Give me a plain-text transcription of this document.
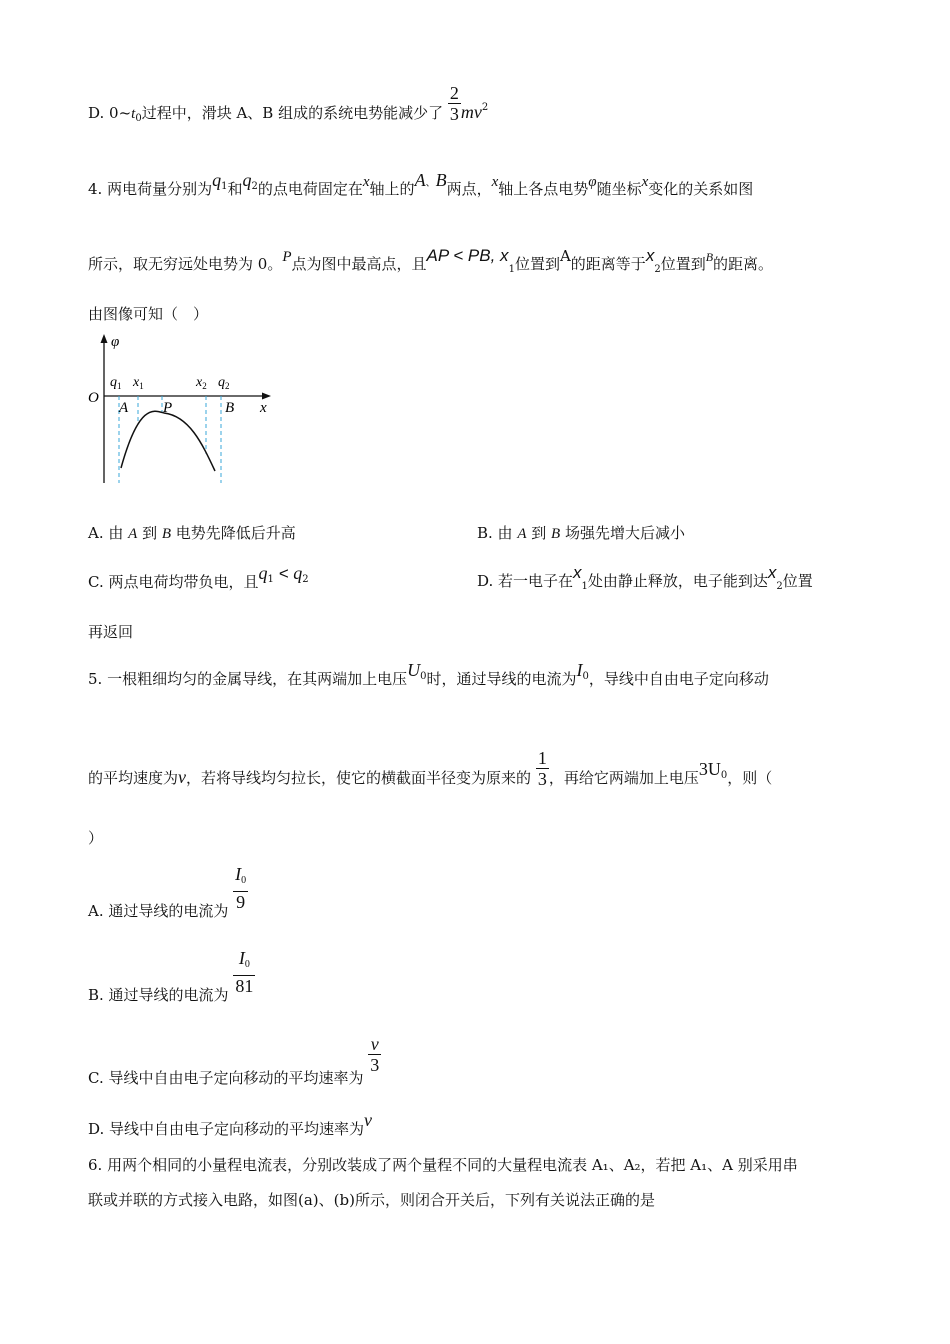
D. $0\sim t_0$过程中，滑块 A、B 组成的系统电势能减少了 $\frac{2}{3} mv^2$
4. 两电荷量分别为$q_1$和$q_2$的点电荷固定在x轴上的A、B两点，x轴上各点电势φ随坐标x变化的关系如图
所示，取无穷远处电势为 0。P点为图中最高点，且AP < PB, $x_1$位置到A的距离等于$x_2$位置到$^B$的距离。
由图像可知（　）
φ
O
x
$q_1$ $x_1$	$x_2$ $q_2$
A P	B
A. 由 A 到 B 电势先降低后升高	B. 由 A 到 B 场强先增大后减小
C. 两点电荷均带负电，且$q_1 < q_2$	D. 若一电子在$x_1$处由静止释放，电子能到达$x_2$位置
再返回
5. 一根粗细均匀的金属导线，在其两端加上电压$U^0$时，通过导线的电流为$I^0$，导线中自由电子定向移动
的平均速度为v，若将导线均匀拉长，使它的横截面半径变为原来的 $\frac{1}{3}$ ，再给它两端加上电压$3U^0$，则（
）
A. 通过导线的电流为 $\frac{I_0}{9}$
B. 通过导线的电流为 $\frac{I_0}{81}$
C. 导线中自由电子定向移动的平均速率为
$\frac{v}{3}$
D. 导线中自由电子定向移动的平均速率为v
6. 用两个相同的小量程电流表，分别改装成了两个量程不同的大量程电流表 A₁、A₂，若把 A₁、A 别采用串
联或并联的方式接入电路，如图(a)、(b)所示，则闭合开关后，下列有关说法正确的是
